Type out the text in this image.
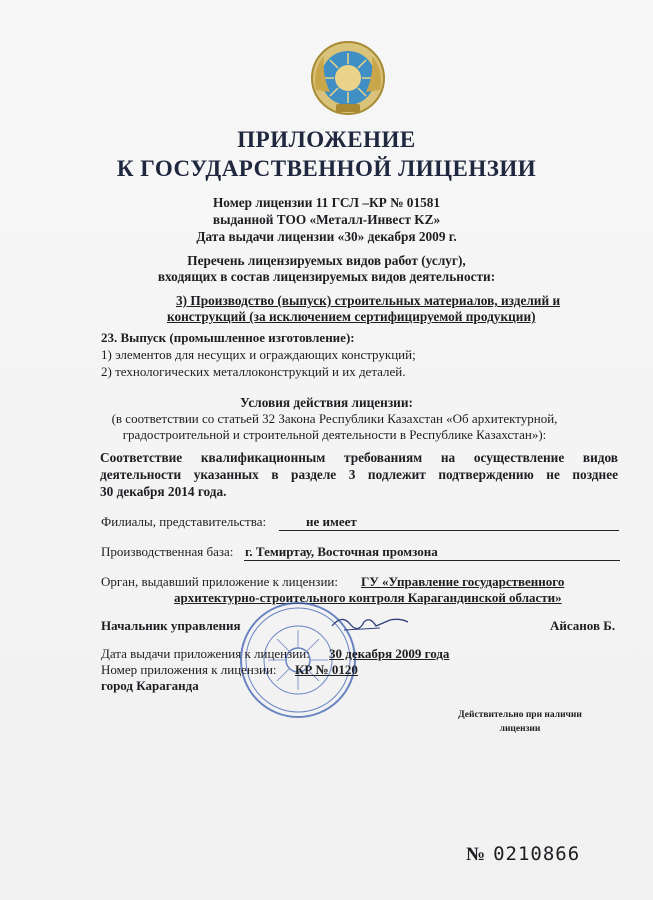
ПРИЛОЖЕНИЕ
К ГОСУДАРСТВЕННОЙ ЛИЦЕНЗИИ
Номер лицензии 11 ГСЛ –КР № 01581
выданной ТОО «Металл-Инвест KZ»
Дата выдачи лицензии «30» декабря 2009 г.
Перечень лицензируемых видов работ (услуг),
входящих в состав лицензируемых видов деятельности:
3) Производство (выпуск) строительных материалов, изделий и
конструкций (за исключением сертифицируемой продукции)
23. Выпуск (промышленное изготовление):
1) элементов для несущих и ограждающих конструкций;
2) технологических металлоконструкций и их деталей.
Условия действия лицензии:
(в соответствии со статьей 32 Закона Республики Казахстан «Об архитектурной,
градостроительной и строительной деятельности в Республике Казахстан»):
Соответствие квалификационным требованиям на осуществление видов
деятельности указанных в разделе 3 подлежит подтверждению не позднее
30 декабря 2014 года.
Филиалы, представительства:	не имеет
Производственная база: г. Темиртау, Восточная промзона
Орган, выдавший приложение к лицензии: ГУ «Управление государственного
архитектурно-строительного контроля Карагандинской области»
Начальник управления	Айсанов Б.
Дата выдачи приложения к лицензии: 30 декабря 2009 года
Номер приложения к лицензии: КР № 0120
город Караганда
Действительно при наличии
лицензии
№ 0210866
